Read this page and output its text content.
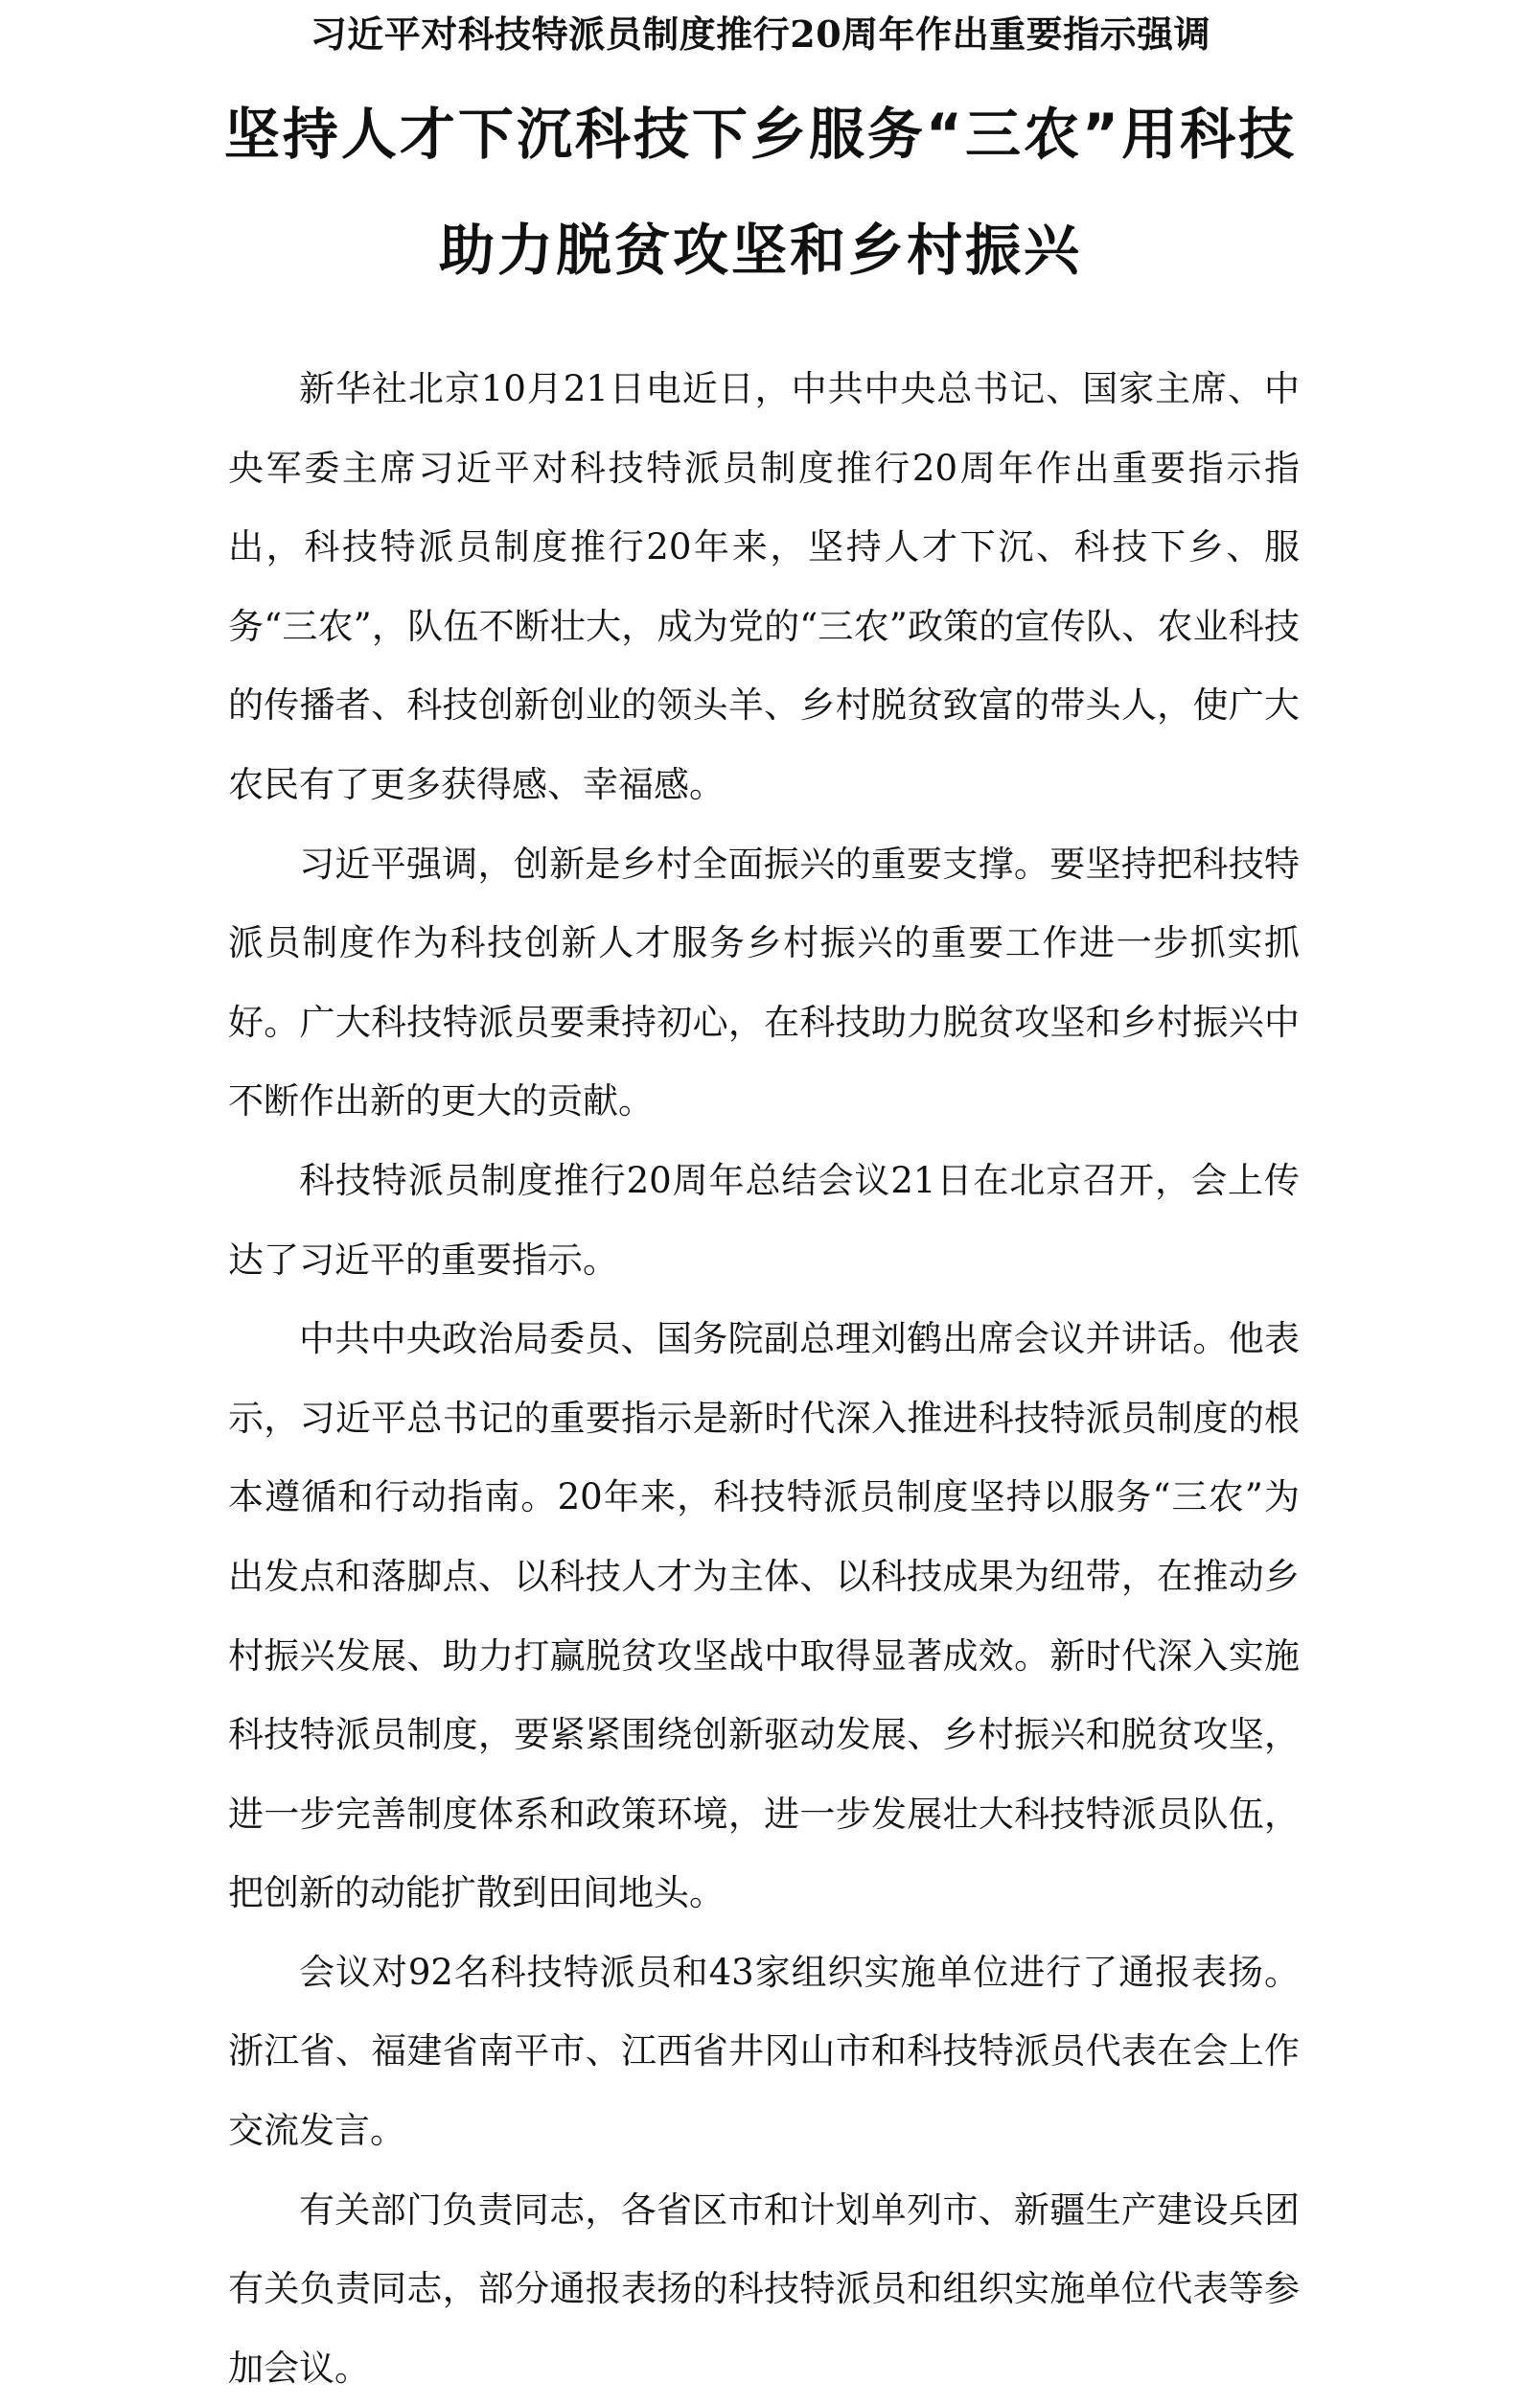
习近平对科技特派员制度推行20周年作出重要指示强调
坚持人才下沉科技下乡服务“三农”用科技
助力脱贫攻坚和乡村振兴

新华社北京10月21日电近日，中共中央总书记、国家主席、中央军委主席习近平对科技特派员制度推行20周年作出重要指示指出，科技特派员制度推行20年来，坚持人才下沉、科技下乡、服务“三农”，队伍不断壮大，成为党的“三农”政策的宣传队、农业科技的传播者、科技创新创业的领头羊、乡村脱贫致富的带头人，使广大农民有了更多获得感、幸福感。

习近平强调，创新是乡村全面振兴的重要支撑。要坚持把科技特派员制度作为科技创新人才服务乡村振兴的重要工作进一步抓实抓好。广大科技特派员要秉持初心，在科技助力脱贫攻坚和乡村振兴中不断作出新的更大的贡献。

科技特派员制度推行20周年总结会议21日在北京召开，会上传达了习近平的重要指示。

中共中央政治局委员、国务院副总理刘鹤出席会议并讲话。他表示，习近平总书记的重要指示是新时代深入推进科技特派员制度的根本遵循和行动指南。20年来，科技特派员制度坚持以服务“三农”为出发点和落脚点、以科技人才为主体、以科技成果为纽带，在推动乡村振兴发展、助力打赢脱贫攻坚战中取得显著成效。新时代深入实施科技特派员制度，要紧紧围绕创新驱动发展、乡村振兴和脱贫攻坚，进一步完善制度体系和政策环境，进一步发展壮大科技特派员队伍，把创新的动能扩散到田间地头。

会议对92名科技特派员和43家组织实施单位进行了通报表扬。浙江省、福建省南平市、江西省井冈山市和科技特派员代表在会上作交流发言。

有关部门负责同志，各省区市和计划单列市、新疆生产建设兵团有关负责同志，部分通报表扬的科技特派员和组织实施单位代表等参加会议。
